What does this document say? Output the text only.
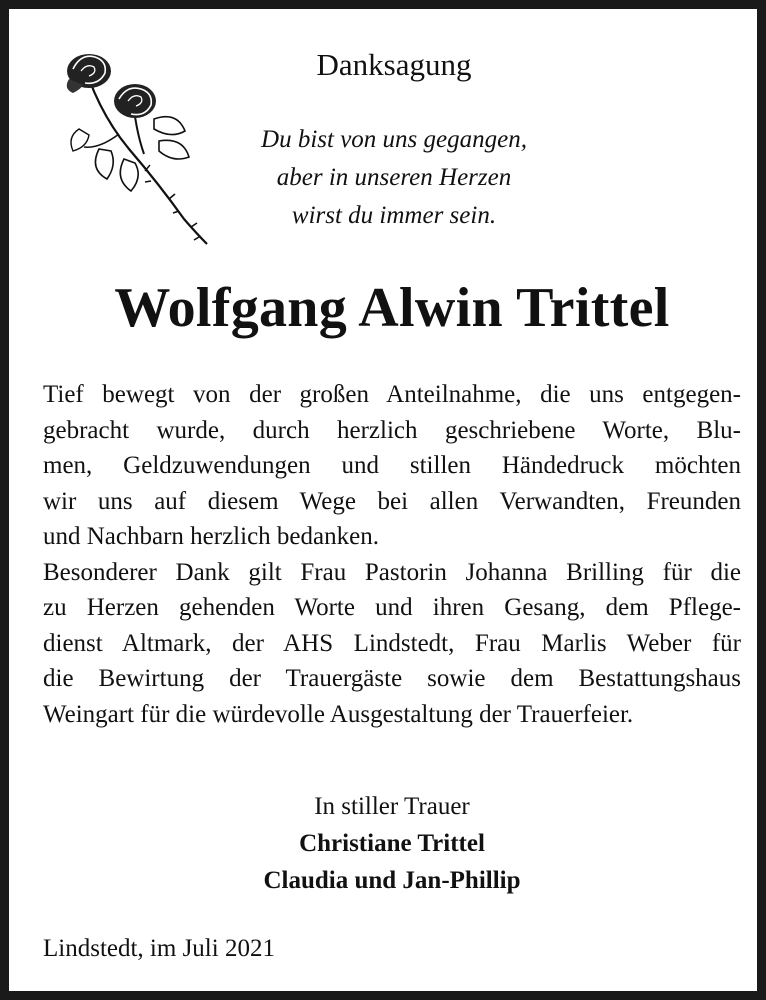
Danksagung
Du bist von uns gegangen,
aber in unseren Herzen
wirst du immer sein.
Wolfgang Alwin Trittel
Tief bewegt von der großen Anteilnahme, die uns entgegen-
gebracht wurde, durch herzlich geschriebene Worte, Blu-
men, Geldzuwendungen und stillen Händedruck möchten
wir uns auf diesem Wege bei allen Verwandten, Freunden
und Nachbarn herzlich bedanken.
Besonderer Dank gilt Frau Pastorin Johanna Brilling für die
zu Herzen gehenden Worte und ihren Gesang, dem Pflege-
dienst Altmark, der AHS Lindstedt, Frau Marlis Weber für
die Bewirtung der Trauergäste sowie dem Bestattungshaus
Weingart für die würdevolle Ausgestaltung der Trauerfeier.
In stiller Trauer
Christiane Trittel
Claudia und Jan-Phillip
Lindstedt, im Juli 2021
